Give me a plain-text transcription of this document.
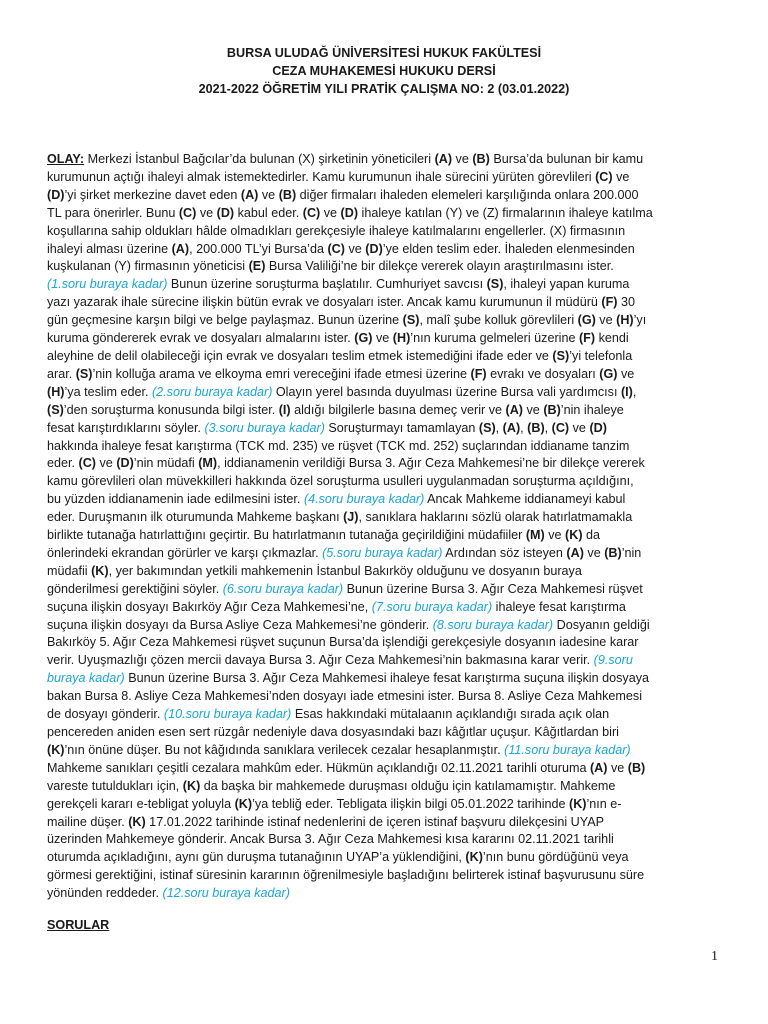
BURSA ULUDAĞ ÜNİVERSİTESİ HUKUK FAKÜLTESİ
CEZA MUHAKEMESİ HUKUKU DERSİ
2021-2022 ÖĞRETİM YILI PRATİK ÇALIŞMA NO: 2 (03.01.2022)
OLAY: Merkezi İstanbul Bağcılar’da bulunan (X) şirketinin yöneticileri (A) ve (B) Bursa’da bulunan bir kamu
kurumunun açtığı ihaleyi almak istemektedirler. Kamu kurumunun ihale sürecini yürüten görevlileri (C) ve
(D)’yi şirket merkezine davet eden (A) ve (B) diğer firmaları ihaleden elemeleri karşılığında onlara 200.000
TL para önerirler. Bunu (C) ve (D) kabul eder. (C) ve (D) ihaleye katılan (Y) ve (Z) firmalarının ihaleye katılma
koşullarına sahip oldukları hâlde olmadıkları gerekçesiyle ihaleye katılmalarını engellerler. (X) firmasının
ihaleyi alması üzerine (A), 200.000 TL’yi Bursa’da (C) ve (D)’ye elden teslim eder. İhaleden elenmesinden
kuşkulanan (Y) firmasının yöneticisi (E) Bursa Valiliği’ne bir dilekçe vererek olayın araştırılmasını ister.
(1.soru buraya kadar) Bunun üzerine soruşturma başlatılır. Cumhuriyet savcısı (S), ihaleyi yapan kuruma
yazı yazarak ihale sürecine ilişkin bütün evrak ve dosyaları ister. Ancak kamu kurumunun il müdürü (F) 30
gün geçmesine karşın bilgi ve belge paylaşmaz. Bunun üzerine (S), malî şube kolluk görevlileri (G) ve (H)’yı
kuruma göndererek evrak ve dosyaları almalarını ister. (G) ve (H)’nın kuruma gelmeleri üzerine (F) kendi
aleyhine de delil olabileceği için evrak ve dosyaları teslim etmek istemediğini ifade eder ve (S)’yi telefonla
arar. (S)’nin kolluğa arama ve elkoyma emri vereceğini ifade etmesi üzerine (F) evrakı ve dosyaları (G) ve
(H)’ya teslim eder. (2.soru buraya kadar) Olayın yerel basında duyulması üzerine Bursa vali yardımcısı (I),
(S)’den soruşturma konusunda bilgi ister. (I) aldığı bilgilerle basına demeç verir ve (A) ve (B)’nin ihaleye
fesat karıştırdıklarını söyler. (3.soru buraya kadar) Soruşturmayı tamamlayan (S), (A), (B), (C) ve (D)
hakkında ihaleye fesat karıştırma (TCK md. 235) ve rüşvet (TCK md. 252) suçlarından iddianame tanzim
eder. (C) ve (D)’nin müdafi (M), iddianamenin verildiği Bursa 3. Ağır Ceza Mahkemesi’ne bir dilekçe vererek
kamu görevlileri olan müvekkilleri hakkında özel soruşturma usulleri uygulanmadan soruşturma açıldığını,
bu yüzden iddianamenin iade edilmesini ister. (4.soru buraya kadar) Ancak Mahkeme iddianameyi kabul
eder. Duruşmanın ilk oturumunda Mahkeme başkanı (J), sanıklara haklarını sözlü olarak hatırlatmamakla
birlikte tutanağa hatırlattığını geçirtir. Bu hatırlatmanın tutanağa geçirildiğini müdafiiler (M) ve (K) da
önlerindeki ekrandan görürler ve karşı çıkmazlar. (5.soru buraya kadar) Ardından söz isteyen (A) ve (B)’nin
müdafii (K), yer bakımından yetkili mahkemenin İstanbul Bakırköy olduğunu ve dosyanın buraya
gönderilmesi gerektiğini söyler. (6.soru buraya kadar) Bunun üzerine Bursa 3. Ağır Ceza Mahkemesi rüşvet
suçuna ilişkin dosyayı Bakırköy Ağır Ceza Mahkemesi’ne, (7.soru buraya kadar) ihaleye fesat karıştırma
suçuna ilişkin dosyayı da Bursa Asliye Ceza Mahkemesi’ne gönderir. (8.soru buraya kadar) Dosyanın geldiği
Bakırköy 5. Ağır Ceza Mahkemesi rüşvet suçunun Bursa’da işlendiği gerekçesiyle dosyanın iadesine karar
verir. Uyuşmazlığı çözen mercii davaya Bursa 3. Ağır Ceza Mahkemesi’nin bakmasına karar verir. (9.soru
buraya kadar) Bunun üzerine Bursa 3. Ağır Ceza Mahkemesi ihaleye fesat karıştırma suçuna ilişkin dosyaya
bakan Bursa 8. Asliye Ceza Mahkemesi’nden dosyayı iade etmesini ister. Bursa 8. Asliye Ceza Mahkemesi
de dosyayı gönderir. (10.soru buraya kadar) Esas hakkındaki mütalaanın açıklandığı sırada açık olan
pencereden aniden esen sert rüzgâr nedeniyle dava dosyasındaki bazı kâğıtlar uçuşur. Kâğıtlardan biri
(K)’nın önüne düşer. Bu not kâğıdında sanıklara verilecek cezalar hesaplanmıştır. (11.soru buraya kadar)
Mahkeme sanıkları çeşitli cezalara mahkûm eder. Hükmün açıklandığı 02.11.2021 tarihli oturuma (A) ve (B)
vareste tutuldukları için, (K) da başka bir mahkemede duruşması olduğu için katılamamıştır. Mahkeme
gerekçeli kararı e-tebligat yoluyla (K)’ya tebliğ eder. Tebligata ilişkin bilgi 05.01.2022 tarihinde (K)’nın e-
mailine düşer. (K) 17.01.2022 tarihinde istinaf nedenlerini de içeren istinaf başvuru dilekçesini UYAP
üzerinden Mahkemeye gönderir. Ancak Bursa 3. Ağır Ceza Mahkemesi kısa kararını 02.11.2021 tarihli
oturumda açıkladığını, aynı gün duruşma tutanağının UYAP’a yüklendiğini, (K)’nın bunu gördüğünü veya
görmesi gerektiğini, istinaf süresinin kararının öğrenilmesiyle başladığını belirterek istinaf başvurusunu süre
yönünden reddeder. (12.soru buraya kadar)
SORULAR
1
